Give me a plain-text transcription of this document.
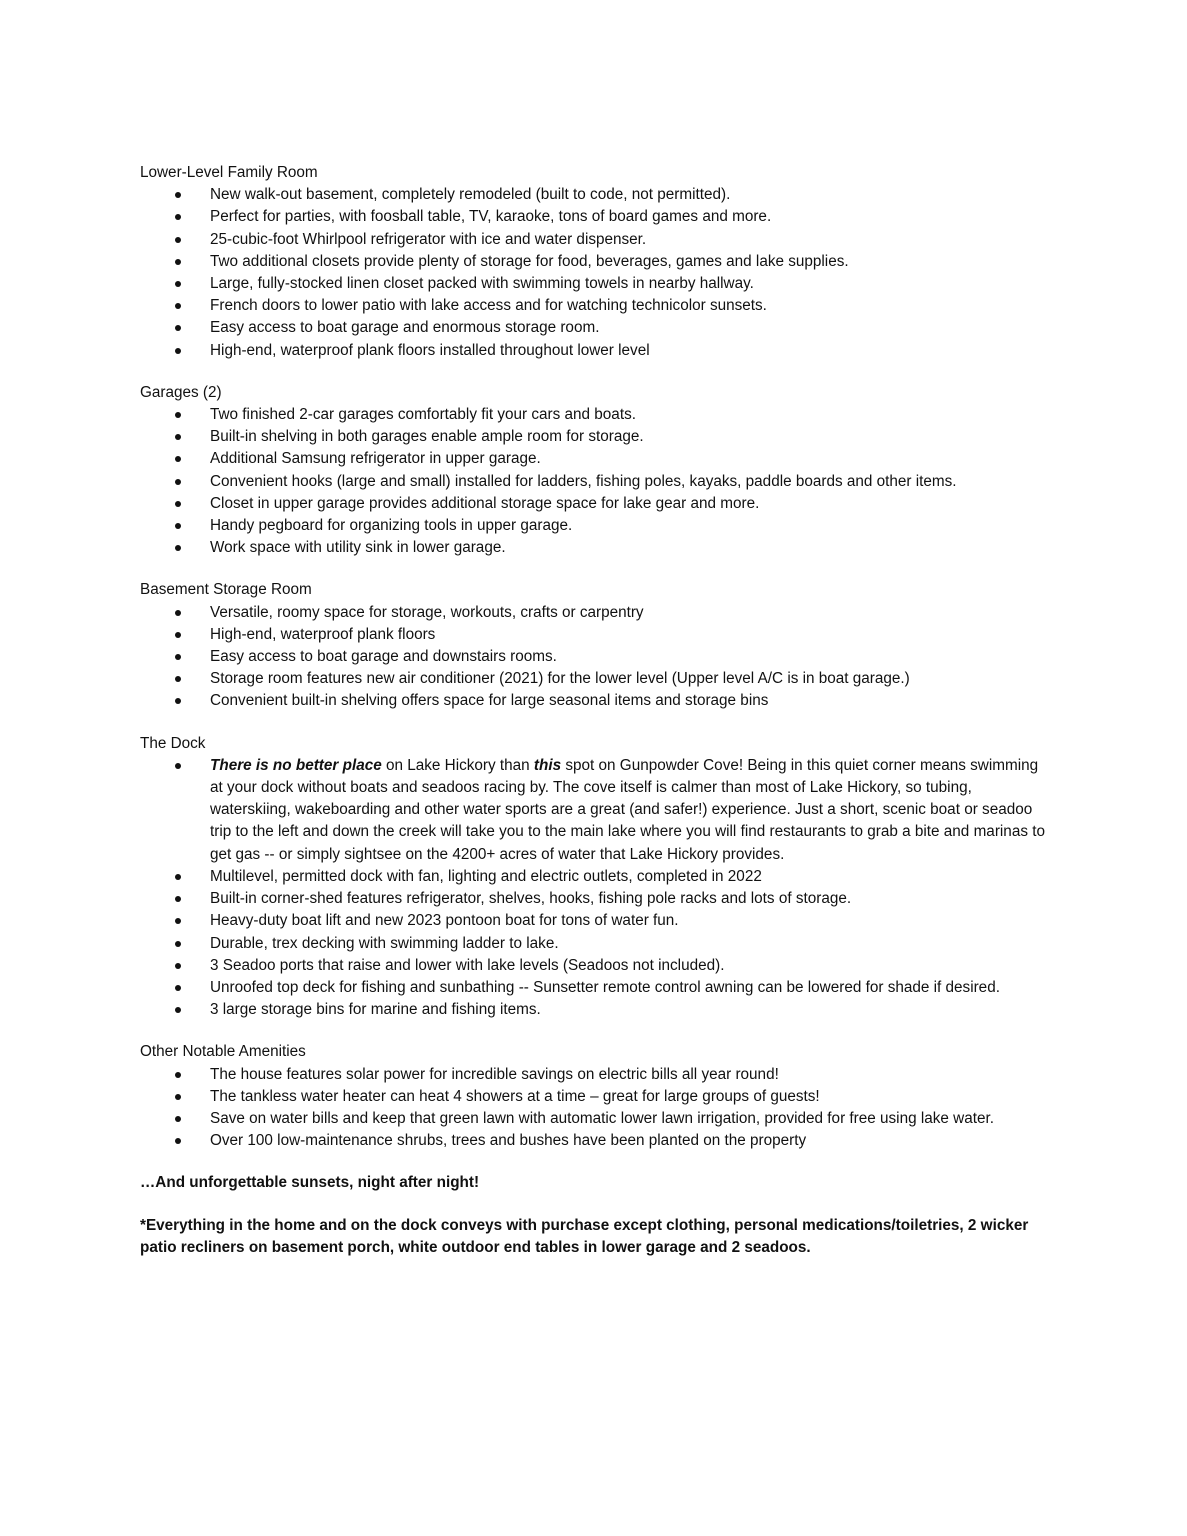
Lower-Level Family Room
New walk-out basement, completely remodeled (built to code, not permitted).
Perfect for parties, with foosball table, TV, karaoke, tons of board games and more.
25-cubic-foot Whirlpool refrigerator with ice and water dispenser.
Two additional closets provide plenty of storage for food, beverages, games and lake supplies.
Large, fully-stocked linen closet packed with swimming towels in nearby hallway.
French doors to lower patio with lake access and for watching technicolor sunsets.
Easy access to boat garage and enormous storage room.
High-end, waterproof plank floors installed throughout lower level
Garages (2)
Two finished 2-car garages comfortably fit your cars and boats.
Built-in shelving in both garages enable ample room for storage.
Additional Samsung refrigerator in upper garage.
Convenient hooks (large and small) installed for ladders, fishing poles, kayaks, paddle boards and other items.
Closet in upper garage provides additional storage space for lake gear and more.
Handy pegboard for organizing tools in upper garage.
Work space with utility sink in lower garage.
Basement Storage Room
Versatile, roomy space for storage, workouts, crafts or carpentry
High-end, waterproof plank floors
Easy access to boat garage and downstairs rooms.
Storage room features new air conditioner (2021) for the lower level (Upper level A/C is in boat garage.)
Convenient built-in shelving offers space for large seasonal items and storage bins
The Dock
There is no better place on Lake Hickory than this spot on Gunpowder Cove! Being in this quiet corner means swimming at your dock without boats and seadoos racing by. The cove itself is calmer than most of Lake Hickory, so tubing, waterskiing, wakeboarding and other water sports are a great (and safer!) experience. Just a short, scenic boat or seadoo trip to the left and down the creek will take you to the main lake where you will find restaurants to grab a bite and marinas to get gas -- or simply sightsee on the 4200+ acres of water that Lake Hickory provides.
Multilevel, permitted dock with fan, lighting and electric outlets, completed in 2022
Built-in corner-shed features refrigerator, shelves, hooks, fishing pole racks and lots of storage.
Heavy-duty boat lift and new 2023 pontoon boat for tons of water fun.
Durable, trex decking with swimming ladder to lake.
3 Seadoo ports that raise and lower with lake levels (Seadoos not included).
Unroofed top deck for fishing and sunbathing -- Sunsetter remote control awning can be lowered for shade if desired.
3 large storage bins for marine and fishing items.
Other Notable Amenities
The house features solar power for incredible savings on electric bills all year round!
The tankless water heater can heat 4 showers at a time – great for large groups of guests!
Save on water bills and keep that green lawn with automatic lower lawn irrigation, provided for free using lake water.
Over 100 low-maintenance shrubs, trees and bushes have been planted on the property
…And unforgettable sunsets, night after night!
*Everything in the home and on the dock conveys with purchase except clothing, personal medications/toiletries, 2 wicker patio recliners on basement porch, white outdoor end tables in lower garage and 2 seadoos.
